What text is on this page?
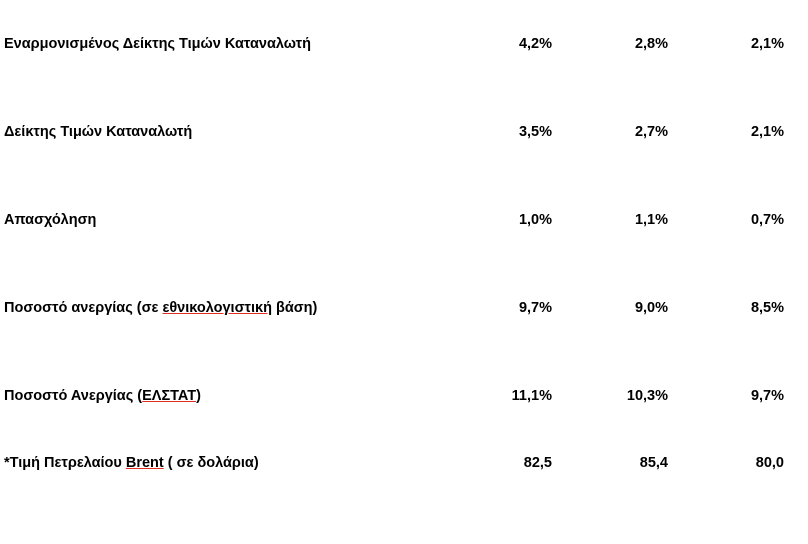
Εναρμονισμένος Δείκτης Τιμών Καταναλωτή	4,2%	2,8%	2,1%
Δείκτης Τιμών Καταναλωτή	3,5%	2,7%	2,1%
Απασχόληση	1,0%	1,1%	0,7%
Ποσοστό ανεργίας (σε εθνικολογιστική βάση)	9,7%	9,0%	8,5%
Ποσοστό Ανεργίας (ΕΛΣΤΑΤ)	11,1%	10,3%	9,7%
*Τιμή Πετρελαίου Brent ( σε δολάρια)	82,5	85,4	80,0
